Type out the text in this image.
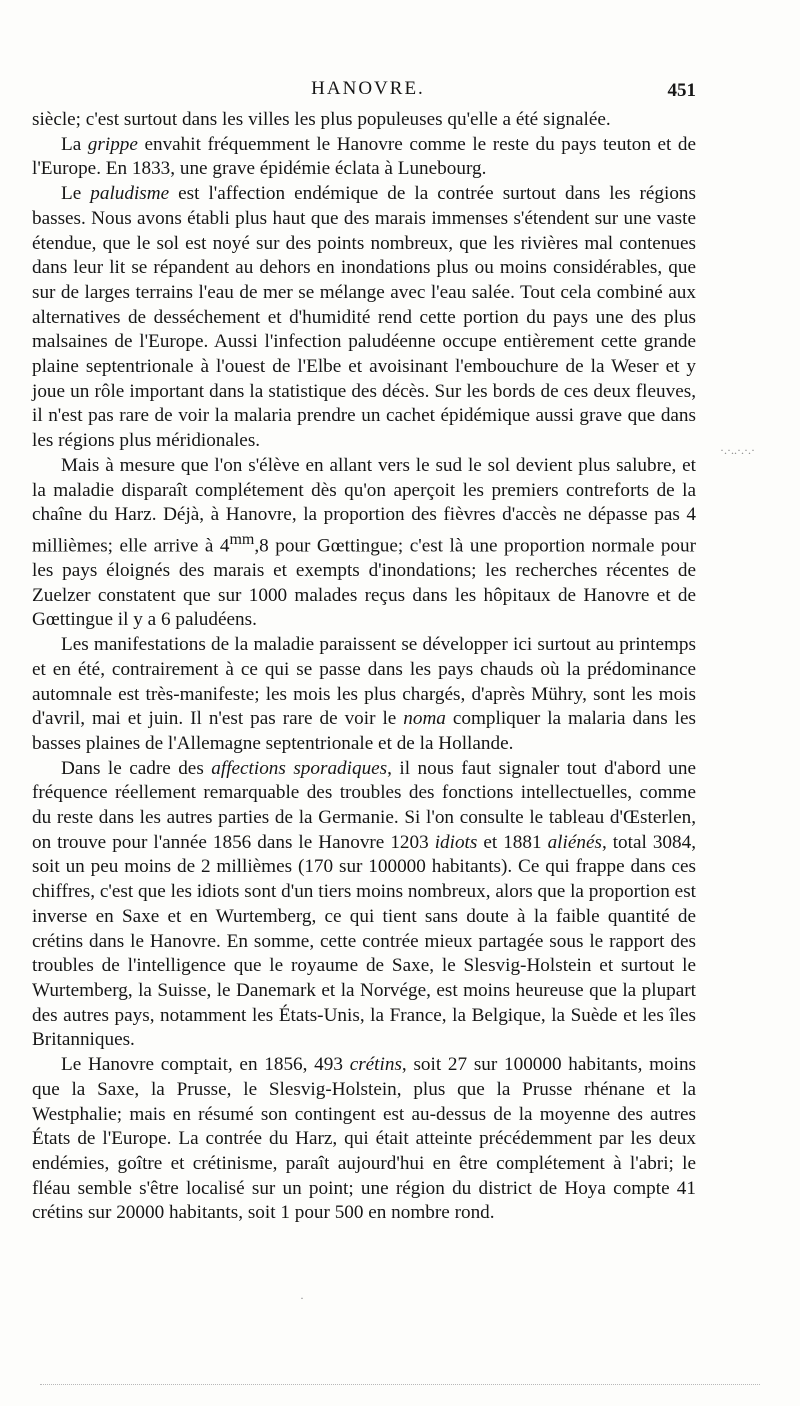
HANOVRE.	451

siècle; c'est surtout dans les villes les plus populeuses qu'elle a été signalée.

La grippe envahit fréquemment le Hanovre comme le reste du pays teuton et de l'Europe. En 1833, une grave épidémie éclata à Lunebourg.

Le paludisme est l'affection endémique de la contrée surtout dans les régions basses. Nous avons établi plus haut que des marais immenses s'étendent sur une vaste étendue, que le sol est noyé sur des points nombreux, que les rivières mal contenues dans leur lit se répandent au dehors en inondations plus ou moins considérables, que sur de larges terrains l'eau de mer se mélange avec l'eau salée. Tout cela combiné aux alternatives de desséchement et d'humidité rend cette portion du pays une des plus malsaines de l'Europe. Aussi l'infection paludéenne occupe entièrement cette grande plaine septentrionale à l'ouest de l'Elbe et avoisinant l'embouchure de la Weser et y joue un rôle important dans la statistique des décès. Sur les bords de ces deux fleuves, il n'est pas rare de voir la malaria prendre un cachet épidémique aussi grave que dans les régions plus méridionales.

Mais à mesure que l'on s'élève en allant vers le sud le sol devient plus salubre, et la maladie disparaît complétement dès qu'on aperçoit les premiers contreforts de la chaîne du Harz. Déjà, à Hanovre, la proportion des fièvres d'accès ne dépasse pas 4 millièmes; elle arrive à $4^{mm},8$ pour Gœttingue; c'est là une proportion normale pour les pays éloignés des marais et exempts d'inondations; les recherches récentes de Zuelzer constatent que sur 1000 malades reçus dans les hôpitaux de Hanovre et de Gœttingue il y a 6 paludéens.

Les manifestations de la maladie paraissent se développer ici surtout au printemps et en été, contrairement à ce qui se passe dans les pays chauds où la prédominance automnale est très-manifeste; les mois les plus chargés, d'après Mühry, sont les mois d'avril, mai et juin. Il n'est pas rare de voir le noma compliquer la malaria dans les basses plaines de l'Allemagne septentrionale et de la Hollande.

Dans le cadre des affections sporadiques, il nous faut signaler tout d'abord une fréquence réellement remarquable des troubles des fonctions intellectuelles, comme du reste dans les autres parties de la Germanie. Si l'on consulte le tableau d'Œsterlen, on trouve pour l'année 1856 dans le Hanovre 1203 idiots et 1881 aliénés, total 3084, soit un peu moins de 2 millièmes (170 sur 100000 habitants). Ce qui frappe dans ces chiffres, c'est que les idiots sont d'un tiers moins nombreux, alors que la proportion est inverse en Saxe et en Wurtemberg, ce qui tient sans doute à la faible quantité de crétins dans le Hanovre. En somme, cette contrée mieux partagée sous le rapport des troubles de l'intelligence que le royaume de Saxe, le Slesvig-Holstein et surtout le Wurtemberg, la Suisse, le Danemark et la Norvége, est moins heureuse que la plupart des autres pays, notamment les États-Unis, la France, la Belgique, la Suède et les îles Britanniques.

Le Hanovre comptait, en 1856, 493 crétins, soit 27 sur 100000 habitants, moins que la Saxe, la Prusse, le Slesvig-Holstein, plus que la Prusse rhénane et la Westphalie; mais en résumé son contingent est au-dessus de la moyenne des autres États de l'Europe. La contrée du Harz, qui était atteinte précédemment par les deux endémies, goître et crétinisme, paraît aujourd'hui en être complétement à l'abri; le fléau semble s'être localisé sur un point; une région du district de Hoya compte 41 crétins sur 20000 habitants, soit 1 pour 500 en nombre rond.

·.·..·.·.·
·
